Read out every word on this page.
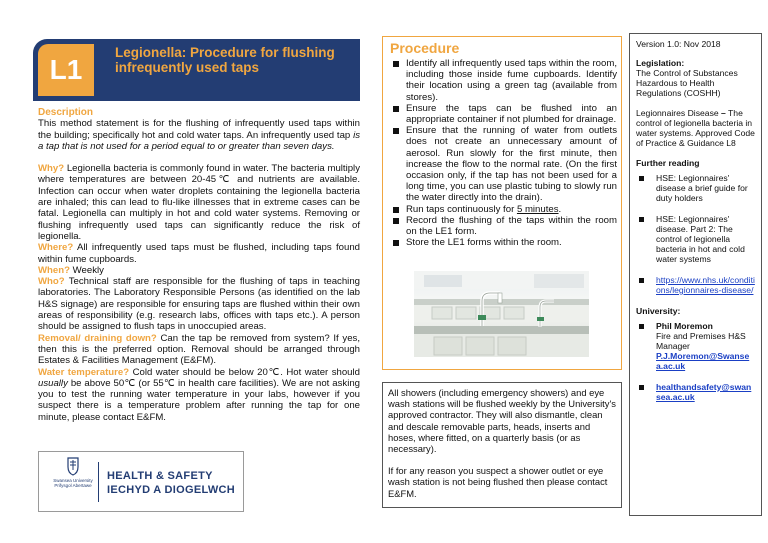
L1
Legionella: Procedure for flushing infrequently used taps

Description
This method statement is for the flushing of infrequently used taps within the building; specifically hot and cold water taps. An infrequently used tap is a tap that is not used for a period equal to or greater than seven days.

Why? Legionella bacteria is commonly found in water. The bacteria multiply where temperatures are between 20-45℃ and nutrients are available. Infection can occur when water droplets containing the legionella bacteria are inhaled; this can lead to flu-like illnesses that in extreme cases can be fatal. Legionella can multiply in hot and cold water systems. Removing or flushing infrequently used taps can significantly reduce the risk of legionella.

Where? All infrequently used taps must be flushed, including taps found within fume cupboards.

When? Weekly

Who? Technical staff are responsible for the flushing of taps in teaching laboratories. The Laboratory Responsible Persons (as identified on the lab H&S signage) are responsible for ensuring taps are flushed within their own areas of responsibility (e.g. research labs, offices with taps etc.). A person should be assigned to flush taps in unoccupied areas.

Removal/ draining down? Can the tap be removed from system? If yes, then this is the preferred option. Removal should be arranged through Estates & Facilities Management (E&FM).

Water temperature? Cold water should be below 20℃. Hot water should usually be above 50℃ (or 55℃ in health care facilities). We are not asking you to test the running water temperature in your labs, however if you suspect there is a temperature problem after running the tap for one minute, please contact E&FM.

Swansea University
Prifysgol Abertawe
HEALTH & SAFETY
IECHYD A DIOGELWCH
Procedure
Identify all infrequently used taps within the room, including those inside fume cupboards. Identify their location using a green tag (available from stores).
Ensure the taps can be flushed into an appropriate container if not plumbed for drainage.
Ensure that the running of water from outlets does not create an unnecessary amount of aerosol. Run slowly for the first minute, then increase the flow to the normal rate. (On the first occasion only, if the tap has not been used for a long time, you can use plastic tubing to slowly run the water directly into the drain).
Run taps continuously for 5 minutes.
Record the flushing of the taps within the room on the LE1 form.
Store the LE1 forms within the room.

All showers (including emergency showers) and eye wash stations will be flushed weekly by the University's approved contractor. They will also dismantle, clean and descale removable parts, heads, inserts and hoses, where fitted, on a quarterly basis (or as necessary).

If for any reason you suspect a shower outlet or eye wash station is not being flushed then please contact E&FM.

Version 1.0: Nov 2018
Legislation:
The Control of Substances Hazardous to Health Regulations (COSHH)
Legionnaires Disease – The control of legionella bacteria in water systems. Approved Code of Practice & Guidance L8
Further reading
HSE: Legionnaires' disease a brief guide for duty holders
HSE: Legionnaires' disease. Part 2: The control of legionella bacteria in hot and cold water systems
https://www.nhs.uk/conditions/legionnaires-disease/
University:
Phil Moremon
Fire and Premises H&S Manager
P.J.Moremon@Swansea.ac.uk
healthandsafety@swansea.ac.uk
